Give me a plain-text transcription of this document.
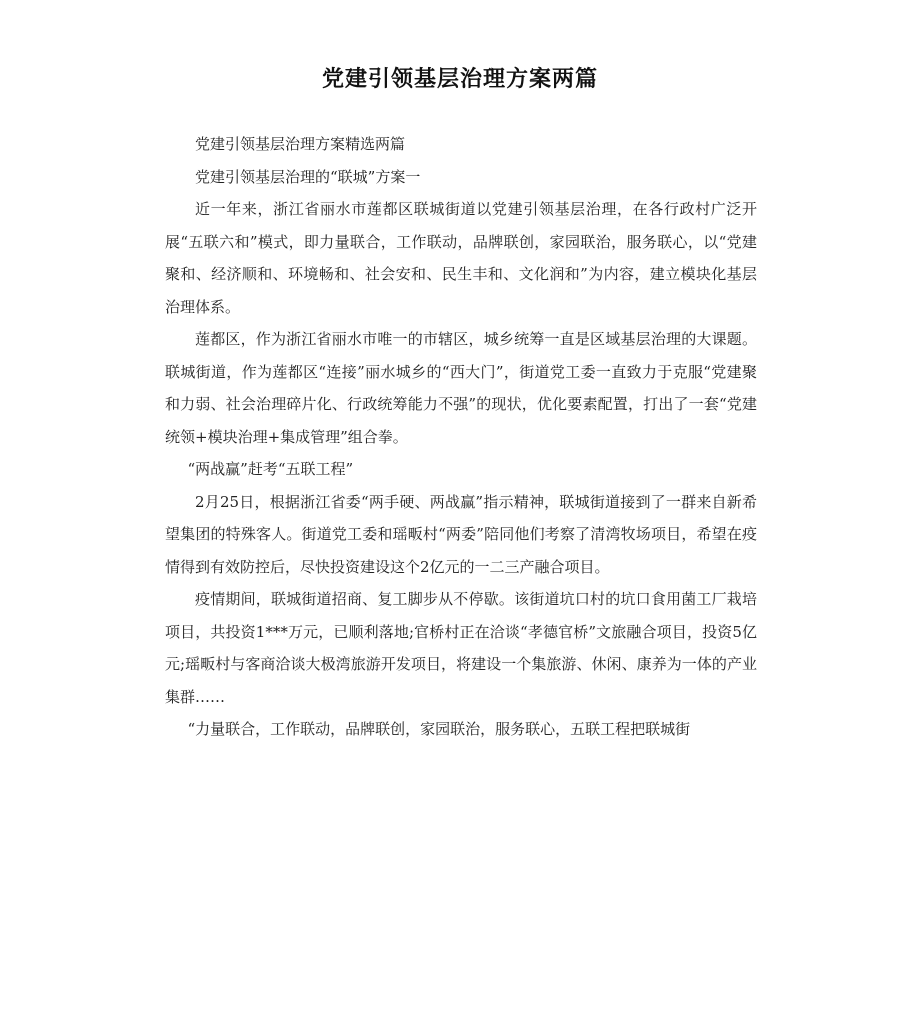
党建引领基层治理方案两篇

党建引领基层治理方案精选两篇

党建引领基层治理的“联城”方案一

近一年来，浙江省丽水市莲都区联城街道以党建引领基层治理，在各行政村广泛开展“五联六和”模式，即力量联合，工作联动，品牌联创，家园联治，服务联心，以“党建聚和、经济顺和、环境畅和、社会安和、民生丰和、文化润和”为内容，建立模块化基层治理体系。

莲都区，作为浙江省丽水市唯一的市辖区，城乡统筹一直是区域基层治理的大课题。联城街道，作为莲都区“连接”丽水城乡的“西大门”，街道党工委一直致力于克服“党建聚和力弱、社会治理碎片化、行政统筹能力不强”的现状，优化要素配置，打出了一套“党建统领+模块治理+集成管理”组合拳。

“两战赢”赶考“五联工程”

2月25日，根据浙江省委“两手硬、两战赢”指示精神，联城街道接到了一群来自新希望集团的特殊客人。街道党工委和瑶畈村“两委”陪同他们考察了清湾牧场项目，希望在疫情得到有效防控后，尽快投资建设这个2亿元的一二三产融合项目。

疫情期间，联城街道招商、复工脚步从不停歇。该街道坑口村的坑口食用菌工厂栽培项目，共投资1***万元，已顺利落地;官桥村正在洽谈“孝德官桥”文旅融合项目，投资5亿元;瑶畈村与客商洽谈大极湾旅游开发项目，将建设一个集旅游、休闲、康养为一体的产业集群……

“力量联合，工作联动，品牌联创，家园联治，服务联心，五联工程把联城街
